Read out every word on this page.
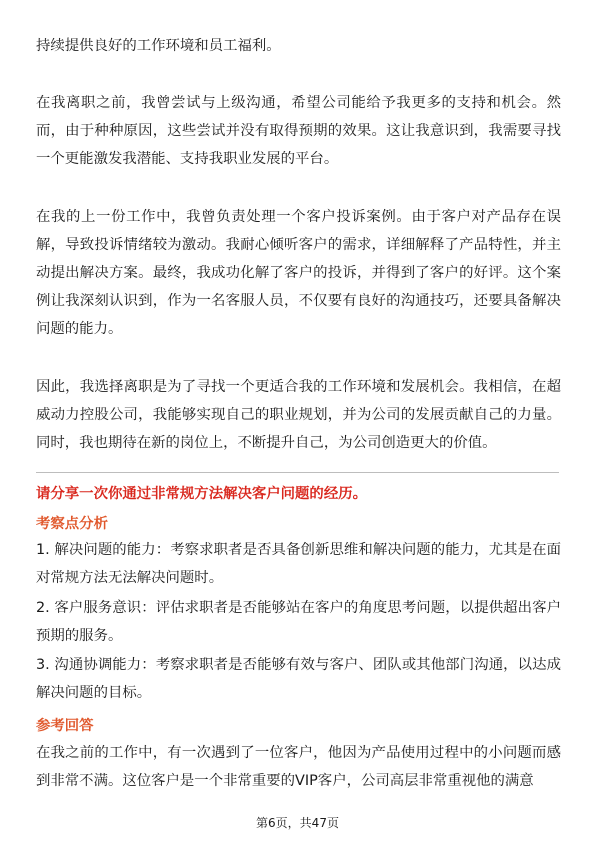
持续提供良好的工作环境和员工福利。

在我离职之前，我曾尝试与上级沟通，希望公司能给予我更多的支持和机会。然而，由于种种原因，这些尝试并没有取得预期的效果。这让我意识到，我需要寻找一个更能激发我潜能、支持我职业发展的平台。

在我的上一份工作中，我曾负责处理一个客户投诉案例。由于客户对产品存在误解，导致投诉情绪较为激动。我耐心倾听客户的需求，详细解释了产品特性，并主动提出解决方案。最终，我成功化解了客户的投诉，并得到了客户的好评。这个案例让我深刻认识到，作为一名客服人员，不仅要有良好的沟通技巧，还要具备解决问题的能力。

因此，我选择离职是为了寻找一个更适合我的工作环境和发展机会。我相信，在超威动力控股公司，我能够实现自己的职业规划，并为公司的发展贡献自己的力量。同时，我也期待在新的岗位上，不断提升自己，为公司创造更大的价值。

请分享一次你通过非常规方法解决客户问题的经历。

考察点分析

1. 解决问题的能力：考察求职者是否具备创新思维和解决问题的能力，尤其是在面对常规方法无法解决问题时。

2. 客户服务意识：评估求职者是否能够站在客户的角度思考问题，以提供超出客户预期的服务。

3. 沟通协调能力：考察求职者是否能够有效与客户、团队或其他部门沟通，以达成解决问题的目标。

参考回答

在我之前的工作中，有一次遇到了一位客户，他因为产品使用过程中的小问题而感到非常不满。这位客户是一个非常重要的VIP客户，公司高层非常重视他的满意

第6页，共47页
